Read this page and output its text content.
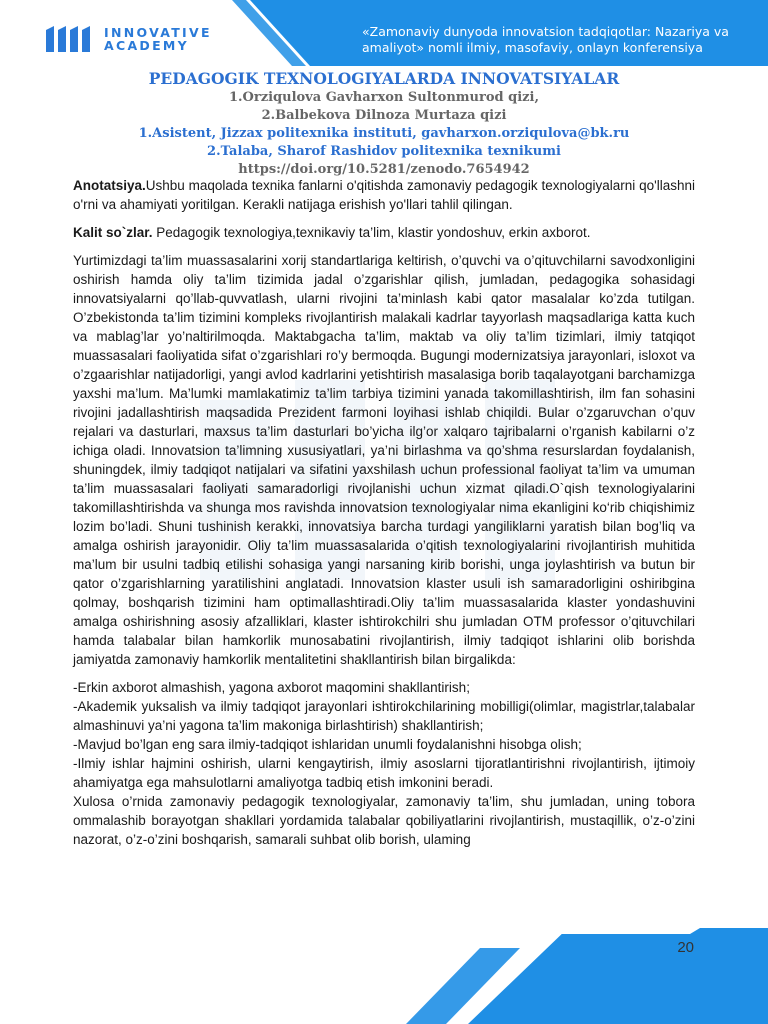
INNOVATIVE
ACADEMY
«Zamonaviy dunyoda innovatsion tadqiqotlar: Nazariya va amaliyot» nomli ilmiy, masofaviy, onlayn konferensiya
PEDAGOGIK TEXNOLOGIYALARDA INNOVATSIYALAR
1.Orziqulova Gavharxon Sultonmurod qizi,
2.Balbekova Dilnoza Murtaza qizi
1.Asistent, Jizzax politexnika instituti, gavharxon.orziqulova@bk.ru
2.Talaba, Sharof Rashidov politexnika texnikumi
https://doi.org/10.5281/zenodo.7654942

Anotatsiya.Ushbu maqolada texnika fanlarni o'qitishda zamonaviy pedagogik texnologiyalarni qo'llashni o'rni va ahamiyati yoritilgan. Kerakli natijaga erishish yo'llari tahlil qilingan.

Kalit so`zlar. Pedagogik texnologiya,texnikaviy ta’lim, klastir yondoshuv, erkin axborot.

Yurtimizdagi ta’lim muassasalarini xorij standartlariga keltirish, o’quvchi va o’qituvchilarni savodxonligini oshirish hamda oliy ta’lim tizimida jadal o’zgarishlar qilish, jumladan, pedagogika sohasidagi innovatsiyalarni qo’llab-quvvatlash, ularni rivojini ta’minlash kabi qator masalalar ko’zda tutilgan. O’zbekistonda ta’lim tizimini kompleks rivojlantirish malakali kadrlar tayyorlash maqsadlariga katta kuch va mablag’lar yo’naltirilmoqda. Maktabgacha ta’lim, maktab va oliy ta’lim tizimlari, ilmiy tatqiqot muassasalari faoliyatida sifat o’zgarishlari ro’y bermoqda. Bugungi modernizatsiya jarayonlari, isloxot va o’zgaarishlar natijadorligi, yangi avlod kadrlarini yetishtirish masalasiga borib taqalayotgani barchamizga yaxshi ma’lum. Ma’lumki mamlakatimiz ta’lim tarbiya tizimini yanada takomillashtirish, ilm fan sohasini rivojini jadallashtirish maqsadida Prezident farmoni loyihasi ishlab chiqildi. Bular o’zgaruvchan o’quv rejalari va dasturlari, maxsus ta’lim dasturlari bo’yicha ilg’or xalqaro tajribalarni o’rganish kabilarni o’z ichiga oladi. Innovatsion ta’limning xususiyatlari, ya’ni birlashma va qo’shma resurslardan foydalanish, shuningdek, ilmiy tadqiqot natijalari va sifatini yaxshilash uchun professional faoliyat ta’lim va umuman ta’lim muassasalari faoliyati samaradorligi rivojlanishi uchun xizmat qiladi.O`qish texnologiyalarini takomillashtirishda va shunga mos ravishda innovatsion texnologiyalar nima ekanligini ko‘rib chiqishimiz lozim bo’ladi. Shuni tushinish kerakki, innovatsiya barcha turdagi yangiliklarni yaratish bilan bog’liq va amalga oshirish jarayonidir. Oliy ta’lim muassasalarida o’qitish texnologiyalarini rivojlantirish muhitida ma’lum bir usulni tadbiq etilishi sohasiga yangi narsaning kirib borishi, unga joylashtirish va butun bir qator o’zgarishlarning yaratilishini anglatadi. Innovatsion klaster usuli ish samaradorligini oshiribgina qolmay, boshqarish tizimini ham optimallashtiradi.Oliy ta’lim muassasalarida klaster yondashuvini amalga oshirishning asosiy afzalliklari, klaster ishtirokchilri shu jumladan OTM professor o’qituvchilari hamda talabalar bilan hamkorlik munosabatini rivojlantirish, ilmiy tadqiqot ishlarini olib borishda jamiyatda zamonaviy hamkorlik mentalitetini shakllantirish bilan birgalikda:

-Erkin axborot almashish, yagona axborot maqomini shakllantirish;
-Akademik yuksalish va ilmiy tadqiqot jarayonlari ishtirokchilarining mobilligi(olimlar, magistrlar,talabalar almashinuvi ya’ni yagona ta’lim makoniga birlashtirish) shakllantirish;
-Mavjud bo’lgan eng sara ilmiy-tadqiqot ishlaridan unumli foydalanishni hisobga olish;
-Ilmiy ishlar hajmini oshirish, ularni kengaytirish, ilmiy asoslarni tijoratlantirishni rivojlantirish, ijtimoiy ahamiyatga ega mahsulotlarni amaliyotga tadbiq etish imkonini beradi.

Xulosa o’rnida zamonaviy pedagogik texnologiyalar, zamonaviy ta’lim, shu jumladan, uning tobora ommalashib borayotgan shakllari yordamida talabalar qobiliyatlarini rivojlantirish, mustaqillik, o’z-o’zini nazorat, o’z-o’zini boshqarish, samarali suhbat olib borish, ulaming

20
